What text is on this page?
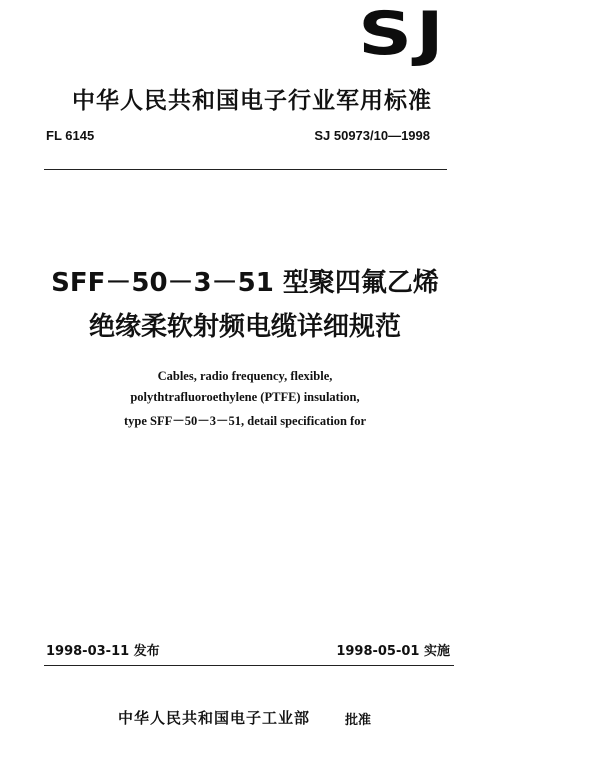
SJ
中华人民共和国电子行业军用标准
FL 6145	SJ 50973/10—1998
SFF－50－3－51 型聚四氟乙烯
绝缘柔软射频电缆详细规范
Cables, radio frequency, flexible,
polythtrafluoroethylene (PTFE) insulation,
type SFF－50－3－51, detail specification for
1998-03-11 发布	1998-05-01 实施
中华人民共和国电子工业部	批准
